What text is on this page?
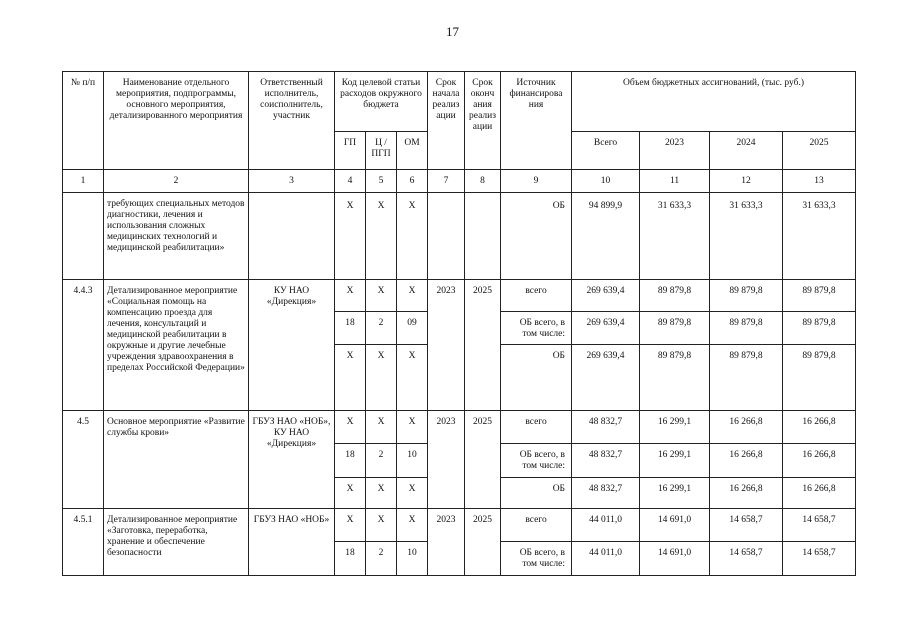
17
№ п/п	Наименование отдельного мероприятия, подпрограммы, основного мероприятия, детализированного мероприятия	Ответственный исполнитель, соисполнитель, участник	Код целевой статьи расходов окружного бюджета			Срок начала реализ ации	Срок оконч ания реализ ации	Источник финансирова ния	Объем бюджетных ассигнований, (тыс. руб.)			
			ГП	Ц / ПГП	ОМ				Всего	2023	2024	2025
1	2	3	4	5	6	7	8	9	10	11	12	13
	требующих специальных методов диагностики, лечения и использования сложных медицинских технологий и медицинской реабилитации»		Х	Х	Х			ОБ	94 899,9	31 633,3	31 633,3	31 633,3
4.4.3	Детализированное мероприятие «Социальная помощь на компенсацию проезда для лечения, консультаций и медицинской реабилитации в окружные и другие лечебные учреждения здравоохранения в пределах Российской Федерации»	КУ НАО «Дирекция»	Х	Х	Х	2023	2025	всего	269 639,4	89 879,8	89 879,8	89 879,8
			18	2	09			ОБ всего, в том числе:	269 639,4	89 879,8	89 879,8	89 879,8
			Х	Х	Х			ОБ	269 639,4	89 879,8	89 879,8	89 879,8
4.5	Основное мероприятие «Развитие службы крови»	ГБУЗ НАО «НОБ», КУ НАО «Дирекция»	Х	Х	Х	2023	2025	всего	48 832,7	16 299,1	16 266,8	16 266,8
			18	2	10			ОБ всего, в том числе:	48 832,7	16 299,1	16 266,8	16 266,8
			Х	Х	Х			ОБ	48 832,7	16 299,1	16 266,8	16 266,8
4.5.1	Детализированное мероприятие «Заготовка, переработка, хранение и обеспечение безопасности	ГБУЗ НАО «НОБ»	Х	Х	Х	2023	2025	всего	44 011,0	14 691,0	14 658,7	14 658,7
			18	2	10			ОБ всего, в том числе:	44 011,0	14 691,0	14 658,7	14 658,7
